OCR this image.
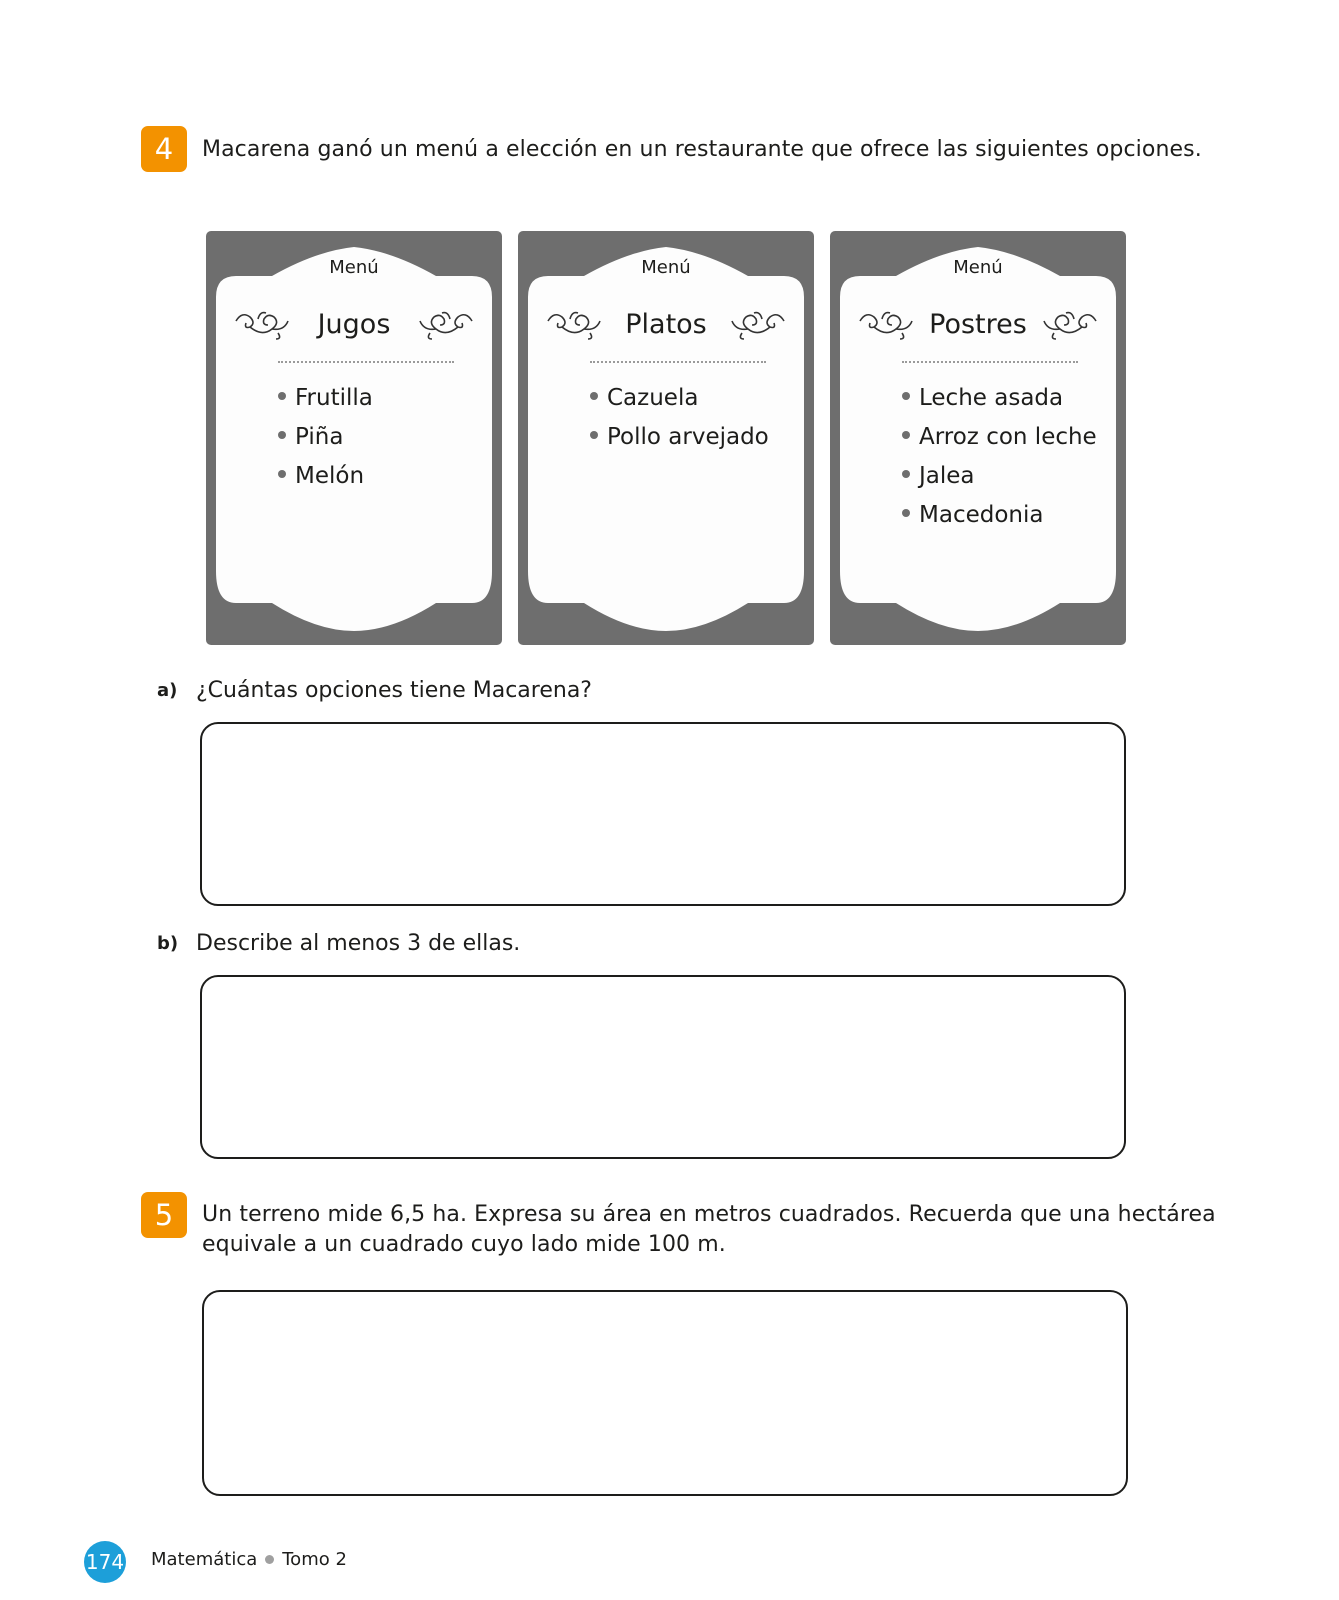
4	Macarena ganó un menú a elección en un restaurante que ofrece las siguientes opciones.
Menú
Jugos
Frutilla
Piña
Melón
Menú
Platos
Cazuela
Pollo arvejado
Menú
Postres
Leche asada
Arroz con leche
Jalea
Macedonia
a) ¿Cuántas opciones tiene Macarena?
b) Describe al menos 3 de ellas.
5	Un terreno mide 6,5 ha. Expresa su área en metros cuadrados. Recuerda que una hectárea
equivale a un cuadrado cuyo lado mide 100 m.
174 Matemática Tomo 2
